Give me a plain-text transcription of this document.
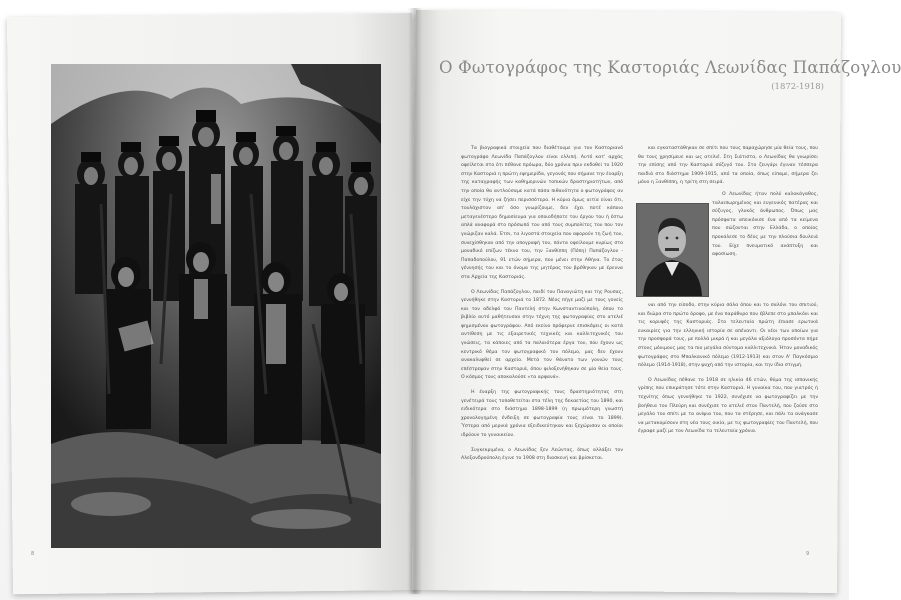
Ο Φωτογράφος της Καστοριάς Λεωνίδας Παπάζογλου
(1872-1918)

Τα βιογραφικά στοιχεία που διαθέτουμε για τον Καστοριανό φωτογράφο Λεωνίδα Παπάζογλου είναι ελλιπή. Αυτό κατ' αρχάς οφείλεται στο ότι πέθανε πρόωρα, δύο χρόνια πριν εκδοθεί το 1920 στην Καστοριά η πρώτη εφημερίδα, γεγονός που σήμανε την έναρξη της καταγραφής των καθημερινών τοπικών δραστηριοτήτων, από την οποία θα αντλούσαμε κατά πάσα πιθανότητα ο φωτογράφος αν είχε την τύχη να ζήσει περισσότερο. Η κύρια όμως αιτία είναι ότι, τουλάχιστον απ' όσο γνωρίζουμε, δεν έχει ποτέ κάποιο μεταγενέστερο δημοσίευμα για οποιοδήποτε του έργου του ή έστω απλά αναφορά στο πρόσωπό του από τους συμπολίτες του που τον γνώριζαν καλά. Έτσι, τα λιγοστά στοιχεία που αφορούν τη ζωή του, συνεχίσθηκαν από την απογραφή του, πάντα οφείλουμε κυρίως στο μοναδικό επίζων τέκνο του, την Ξανθίππη (Πόπη) Παπάζογλου - Παπαδοπούλου, 91 ετών σήμερα, που μένει στην Αθήνα. Το έτος γέννησής του και το όνομα της μητέρας του βρέθηκαν με έρευνα στα Αρχεία της Καστοριάς.

Ο Λεωνίδας Παπάζογλου, παιδί του Παναγιώτη και της Ρουσας, γεννήθηκε στην Καστοριά το 1872. Νέος πήγε μαζί με τους γονείς και τον αδελφό του Παντελή στην Κωνσταντινούπολη, όπου το βιβλίο αυτό μαθήτευσαν στην τέχνη της φωτογραφίας στο ατελιέ φημισμένου φωτογράφου. Από εκείνο πρόφερνε επισκέψεις οι κατά αντίθεση με τις εξαιρετικές τεχνικές και καλλιτεχνικές του γνώσεις, τα κάποιες από τα παλαιότερα έργα του, που έχουν ως κεντρικό θέμα τον φωτογραφικό τον πόλεμο, μας δεν έχουν ανακαλυφθεί σε αρχείο. Μετά τον θάνατο των γονιών τους επέστρεψαν στην Καστοριά, όπου φιλοξενήθηκαν σε μία θεία τους. Ο κόσμος τους αποκαλούσε «τα αρφανά».

Η έναρξη της φωτογραφικής τους δραστηριότητας στη γενέτειρά τους τοποθετείται στα τέλη της δεκαετίας του 1890, και ειδικότερα στο διάστημα 1898-1899 (η πρωιμότερη γνωστή χρονολογημένη ένδειξη σε φωτογραφία τους είναι το 1899). Ύστερα από μερικά χρόνια εξειδικεύτηκαν και ξεχώρισαν οι οποίοι ιδρύουν το γυναικείου.

Συγκεκριμένα, ο Λεωνίδας ξεν Λεώντας, όπως αλλάξει τον Αλεξανδρούπολη έγινε το 1908 στη διασκευή και βρίσκεται.

και εγκαταστάθηκαν σε σπίτι που τους παραχώρησε μία θεία τους, που θα τους χρησίμευε και ως ατελιέ. Στη Σιάτιστα, ο Λεωνίδας θα γνωρίσει την επίσης από την Καστοριά σύζυγό του. Στο ζευγάρι έγιναν τέσσερα παιδιά στο διάστημα 1909-1915, από τα οποία, όπως είπαμε, σήμερα ζει μόνο η Ξανθίππη, η τρίτη στη σειρά.

Ο Λεωνίδας ήταν πολύ καλοκάγαθος, ταλαιπωρημένος και ευγενικός πατέρας και σύζυγος, γλυκός άνθρωπος. Όπως μας πρόσφατα απεικόνισε ένα από τα κείμενα που σώζονται στην Ελλάδα, ο οποίος προκάλεσε το δέος με την πλούσια δουλειά του. Είχε πνευματικό ανάπτυξη και αφοσίωση.

ναι από την είσοδο, στην κύρια σάλα όπου και το σαλόνι του σπιτιού, και διώρα στο πρώτο όροφο, με ένα παράθυρο που έβλεπε στο μπαλκόνι και τις κορυφές της Καστοριάς. Στο τελευταίο πρώτη έπιασε ερωτικά ευκαιρίες για την ελληνική ιστορία σε απέναντι. Οι νέοι των οποίων για την προσφορά τους, με πολλά μικρά ή και μεγάλα αξιόλογα προσόντα πήρε στους μόνιμους μας τα πιο μεγάλα σύντομα καλλιτεχνικά. Ήταν μοναδικός φωτογράφος στο Μπαλκανικό πόλεμο (1912-1913) και στον Α' Παγκόσμιο πόλεμο (1914-1918), στην ψυχή από την ιστορία, και την ίδια στιγμή.

Ο Λεωνίδας πέθανε το 1918 σε ηλικία 46 ετών, θύμα της ισπανικής γρίπης που επικράτησε τότε στην Καστοριά. Η γυναίκα του, που γιατρός ή τεχνίτης όπως γεννήθηκε το 1922, συνέχισε να φωτογραφίζει με την βοήθεια του Πλεύρη και συνέχισε το ατελιέ στον Παντελή, που ζούσε στο μεγάλο του σπίτι με τα ανίψια του, που τα στέρησε, και πάλι τα ανάγκασε να μετακομίσουν στη νέα τους οικία, με τις φωτογραφίες του Παντελή, που έγραφε μαζί με τον Λεωνίδα τα τελευταία χρόνια.

8	9
